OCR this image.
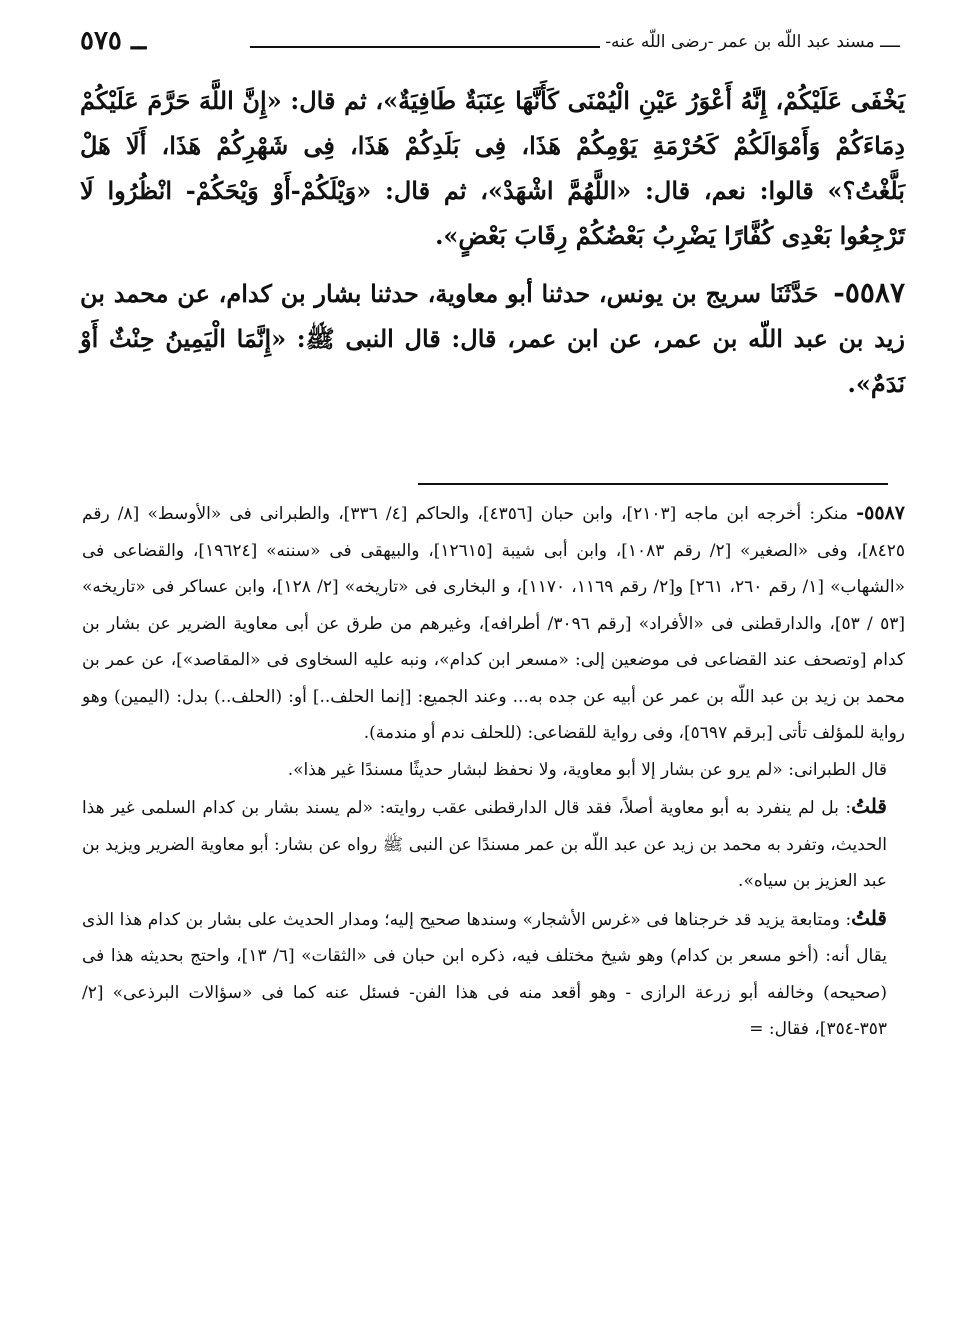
ــــ مسند عبد اللّه بن عمر -رضى اللّه عنه-
ــ ٥٧٥

يَخْفَى عَلَيْكُمْ، إِنَّهُ أَعْوَرُ عَيْنِ الْيُمْنَى كَأَنَّهَا عِنَبَةٌ طَافِيَةٌ»، ثم قال: «إِنَّ اللَّهَ حَرَّمَ عَلَيْكُمْ دِمَاءَكُمْ وَأَمْوَالَكُمْ كَحُرْمَةِ يَوْمِكُمْ هَذَا، فِى بَلَدِكُمْ هَذَا، فِى شَهْرِكُمْ هَذَا، أَلَا هَلْ بَلَّغْتُ؟» قالوا: نعم، قال: «اللَّهُمَّ اشْهَدْ»، ثم قال: «وَيْلَكُمْ-أَوْ وَيْحَكُمْ- انْظُرُوا لَا تَرْجِعُوا بَعْدِى كُفَّارًا يَضْرِبُ بَعْضُكُمْ رِقَابَ بَعْضٍ».

٥٥٨٧- حَدَّثَنَا سريج بن يونس، حدثنا أبو معاوية، حدثنا بشار بن كدام، عن محمد بن زيد بن عبد اللّه بن عمر، عن ابن عمر، قال: قال النبى ﷺ: «إِنَّمَا الْيَمِينُ حِنْثٌ أَوْ نَدَمٌ».

٥٥٨٧- منكر: أخرجه ابن ماجه [٢١٠٣]، وابن حبان [٤٣٥٦]، والحاكم [٤/ ٣٣٦]، والطبرانى فى «الأوسط» [٨/ رقم ٨٤٢٥]، وفى «الصغير» [٢/ رقم ١٠٨٣]، وابن أبى شيبة [١٢٦١٥]، والبيهقى فى «سننه» [١٩٦٢٤]، والقضاعى فى «الشهاب» [١/ رقم ٢٦٠، ٢٦١] و[٢/ رقم ١١٦٩، ١١٧٠]، و البخارى فى «تاريخه» [٢/ ١٢٨]، وابن عساكر فى «تاريخه» [٥٣ / ٥٣]، والدارقطنى فى «الأفراد» [رقم ٣٠٩٦/ أطرافه]، وغيرهم من طرق عن أبى معاوية الضرير عن بشار بن كدام [وتصحف عند القضاعى فى موضعين إلى: «مسعر ابن كدام»، ونبه عليه السخاوى فى «المقاصد»]، عن عمر بن محمد بن زيد بن عبد اللّه بن عمر عن أبيه عن جده به... وعند الجميع: [إنما الحلف..] أو: (الحلف..) بدل: (اليمين) وهو رواية للمؤلف تأتى [برقم ٥٦٩٧]، وفى رواية للقضاعى: (للحلف ندم أو مندمة).

قال الطبرانى: «لم يرو عن بشار إلا أبو معاوية، ولا نحفظ لبشار حديثًا مسندًا غير هذا».

قلتُ: بل لم ينفرد به أبو معاوية أصلاً، فقد قال الدارقطنى عقب روايته: «لم يسند بشار بن كدام السلمى غير هذا الحديث، وتفرد به محمد بن زيد عن عبد اللّه بن عمر مسندًا عن النبى ﷺ رواه عن بشار: أبو معاوية الضرير ويزيد بن عبد العزيز بن سياه».

قلتُ: ومتابعة يزيد قد خرجناها فى «غرس الأشجار» وسندها صحيح إليه؛ ومدار الحديث على بشار بن كدام هذا الذى يقال أنه: (أخو مسعر بن كدام) وهو شيخ مختلف فيه، ذكره ابن حبان فى «الثقات» [٦/ ١٣]، واحتج بحديثه هذا فى (صحيحه) وخالفه أبو زرعة الرازى - وهو أقعد منه فى هذا الفن- فسئل عنه كما فى «سؤالات البرذعى» [٢/ ٣٥٣-٣٥٤]، فقال: =
